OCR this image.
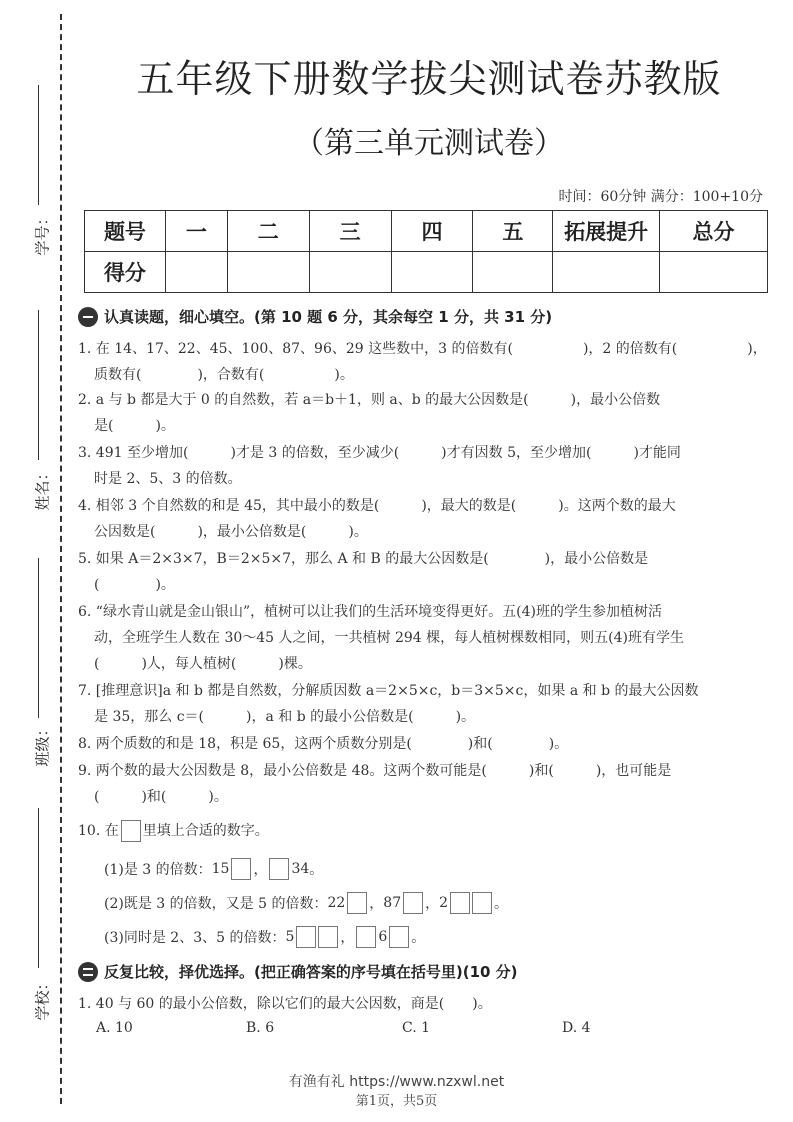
学号：
姓名：
班级：
学校：
五年级下册数学拔尖测试卷苏教版
（第三单元测试卷）
时间：60分钟 满分：100+10分
题号	一	二	三	四	五	拓展提升	总分
得分							
认真读题，细心填空。(第 10 题 6 分，其余每空 1 分，共 31 分)
1. 在 14、17、22、45、100、87、96、29 这些数中，3 的倍数有(　　　　　)，2 的倍数有(　　　　　)，
质数有(　　　　)，合数有(　　　　　)。
2. a 与 b 都是大于 0 的自然数，若 a＝b＋1，则 a、b 的最大公因数是(　　　)，最小公倍数
是(　　　)。
3. 491 至少增加(　　　)才是 3 的倍数，至少减少(　　　)才有因数 5，至少增加(　　　)才能同
时是 2、5、3 的倍数。
4. 相邻 3 个自然数的和是 45，其中最小的数是(　　　)，最大的数是(　　　)。这两个数的最大
公因数是(　　　)，最小公倍数是(　　　)。
5. 如果 A＝2×3×7，B＝2×5×7，那么 A 和 B 的最大公因数是(　　　　)，最小公倍数是
(　　　　)。
6. “绿水青山就是金山银山”，植树可以让我们的生活环境变得更好。五(4)班的学生参加植树活
动，全班学生人数在 30～45 人之间，一共植树 294 棵，每人植树棵数相同，则五(4)班有学生
(　　　)人，每人植树(　　　)棵。
7. [推理意识]a 和 b 都是自然数，分解质因数 a＝2×5×c，b＝3×5×c，如果 a 和 b 的最大公因数
是 35，那么 c＝(　　　)，a 和 b 的最小公倍数是(　　　)。
8. 两个质数的和是 18，积是 65，这两个质数分别是(　　　　)和(　　　　)。
9. 两个数的最大公因数是 8，最小公倍数是 48。这两个数可能是(　　　)和(　　　)，也可能是
(　　　)和(　　　)。
10. 在 里填上合适的数字。
(1)是 3 的倍数： 15 ， 34 。
(2)既是 3 的倍数，又是 5 的倍数： 22 ， 87 ， 2	。
(3)同时是 2、3、5 的倍数： 5	， 6 。
反复比较，择优选择。(把正确答案的序号填在括号里)(10 分)
1. 40 与 60 的最小公倍数，除以它们的最大公因数，商是(　　)。
A. 10	B. 6	C. 1	D. 4
有渔有礼 https://www.nzxwl.net
第1页，共5页
